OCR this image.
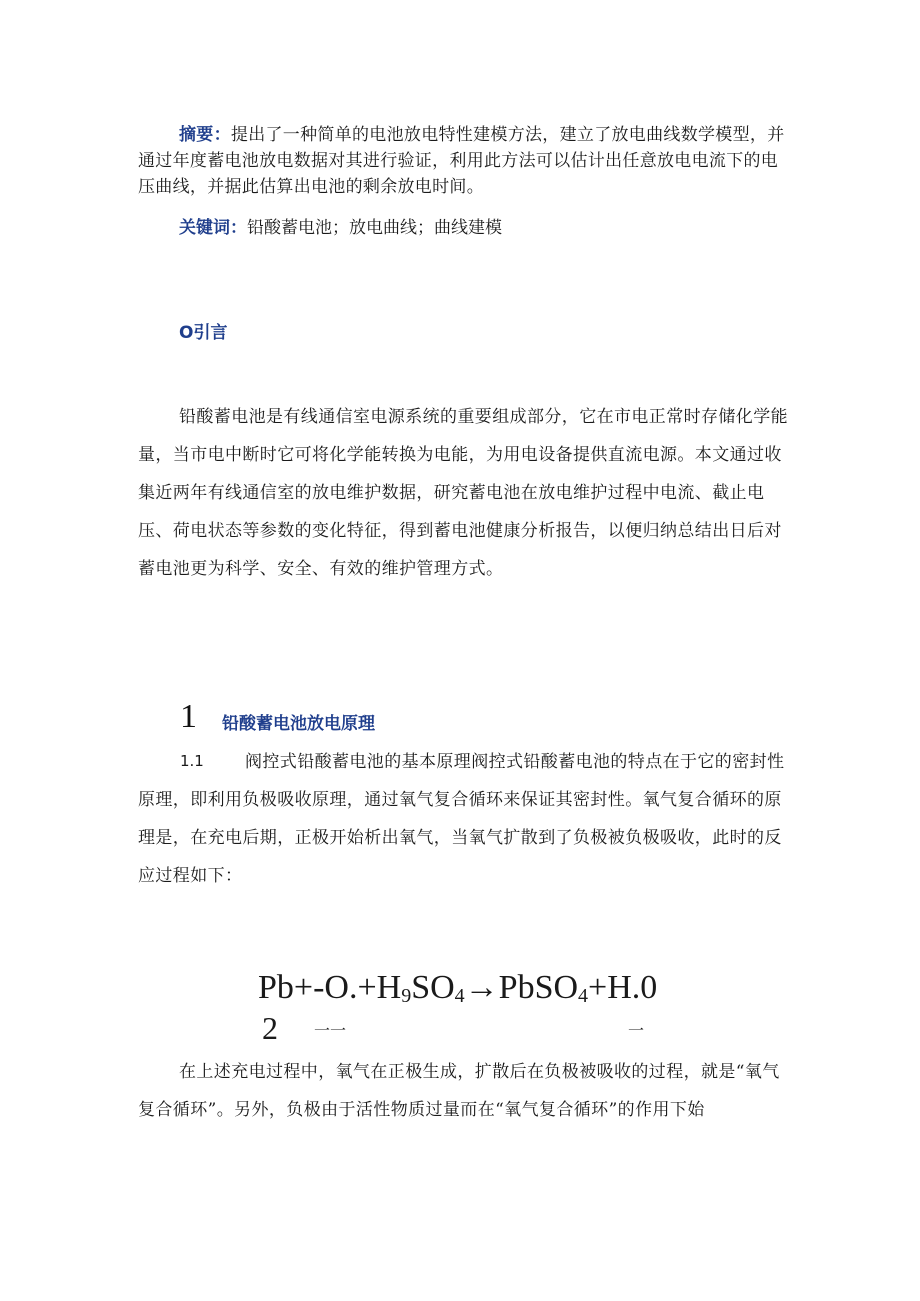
摘要：提出了一种简单的电池放电特性建模方法，建立了放电曲线数学模型，并通过年度蓄电池放电数据对其进行验证，利用此方法可以估计出任意放电电流下的电压曲线，并据此估算出电池的剩余放电时间。
关键词：铅酸蓄电池；放电曲线；曲线建模
O引言
铅酸蓄电池是有线通信室电源系统的重要组成部分，它在市电正常时存储化学能量，当市电中断时它可将化学能转换为电能，为用电设备提供直流电源。本文通过收集近两年有线通信室的放电维护数据，研究蓄电池在放电维护过程中电流、截止电压、荷电状态等参数的变化特征，得到蓄电池健康分析报告，以便归纳总结出日后对蓄电池更为科学、安全、有效的维护管理方式。
1 铅酸蓄电池放电原理
阀控式铅酸蓄电池的基本原理阀控式铅酸蓄电池的特点在于它的密封性原理，即利用负极吸收原理，通过氧气复合循环来保证其密封性。氧气复合循环的原理是，在充电后期，正极开始析出氧气，当氧气扩散到了负极被负极吸收，此时的反应过程如下：
1.1
$Pb+-O.+H_9SO_4\to PbSO_4+H.0$
2 一一	一
在上述充电过程中，氧气在正极生成，扩散后在负极被吸收的过程，就是“氧气复合循环”。另外，负极由于活性物质过量而在“氧气复合循环”的作用下始
